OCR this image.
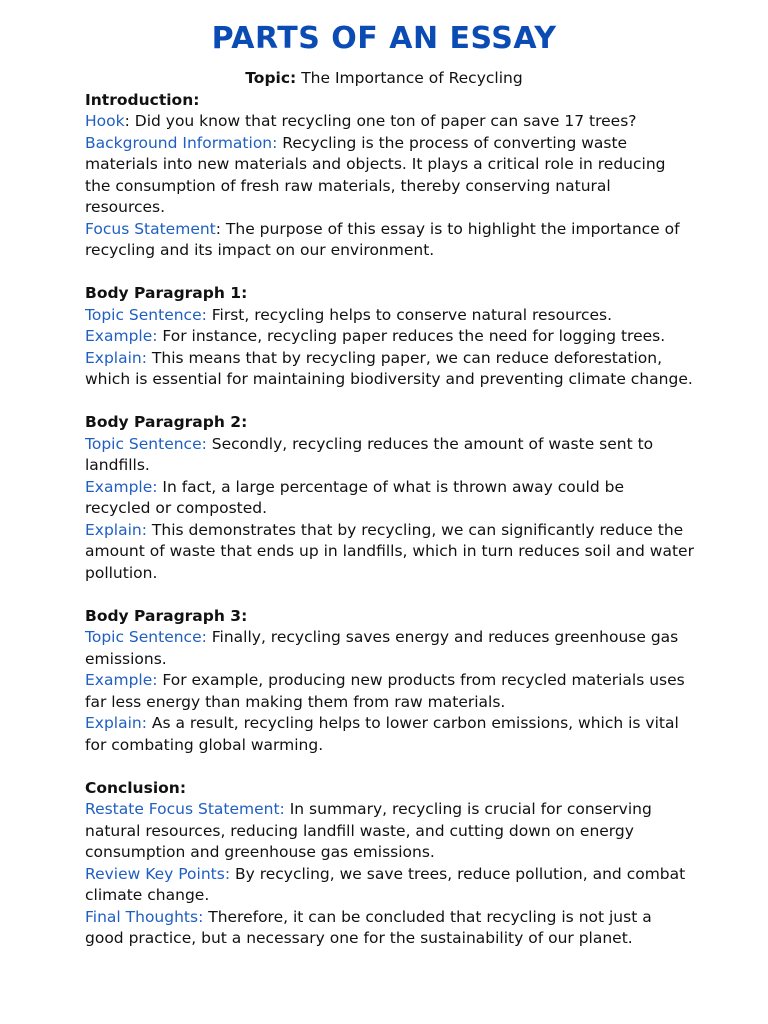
PARTS OF AN ESSAY
Topic: The Importance of Recycling
Introduction:
Hook: Did you know that recycling one ton of paper can save 17 trees?
Background Information: Recycling is the process of converting waste materials into new materials and objects. It plays a critical role in reducing the consumption of fresh raw materials, thereby conserving natural resources.
Focus Statement: The purpose of this essay is to highlight the importance of recycling and its impact on our environment.
Body Paragraph 1:
Topic Sentence: First, recycling helps to conserve natural resources.
Example: For instance, recycling paper reduces the need for logging trees.
Explain: This means that by recycling paper, we can reduce deforestation, which is essential for maintaining biodiversity and preventing climate change.
Body Paragraph 2:
Topic Sentence: Secondly, recycling reduces the amount of waste sent to landfills.
Example: In fact, a large percentage of what is thrown away could be recycled or composted.
Explain: This demonstrates that by recycling, we can significantly reduce the amount of waste that ends up in landfills, which in turn reduces soil and water pollution.
Body Paragraph 3:
Topic Sentence: Finally, recycling saves energy and reduces greenhouse gas emissions.
Example: For example, producing new products from recycled materials uses far less energy than making them from raw materials.
Explain: As a result, recycling helps to lower carbon emissions, which is vital for combating global warming.
Conclusion:
Restate Focus Statement: In summary, recycling is crucial for conserving natural resources, reducing landfill waste, and cutting down on energy consumption and greenhouse gas emissions.
Review Key Points: By recycling, we save trees, reduce pollution, and combat climate change.
Final Thoughts: Therefore, it can be concluded that recycling is not just a good practice, but a necessary one for the sustainability of our planet.
